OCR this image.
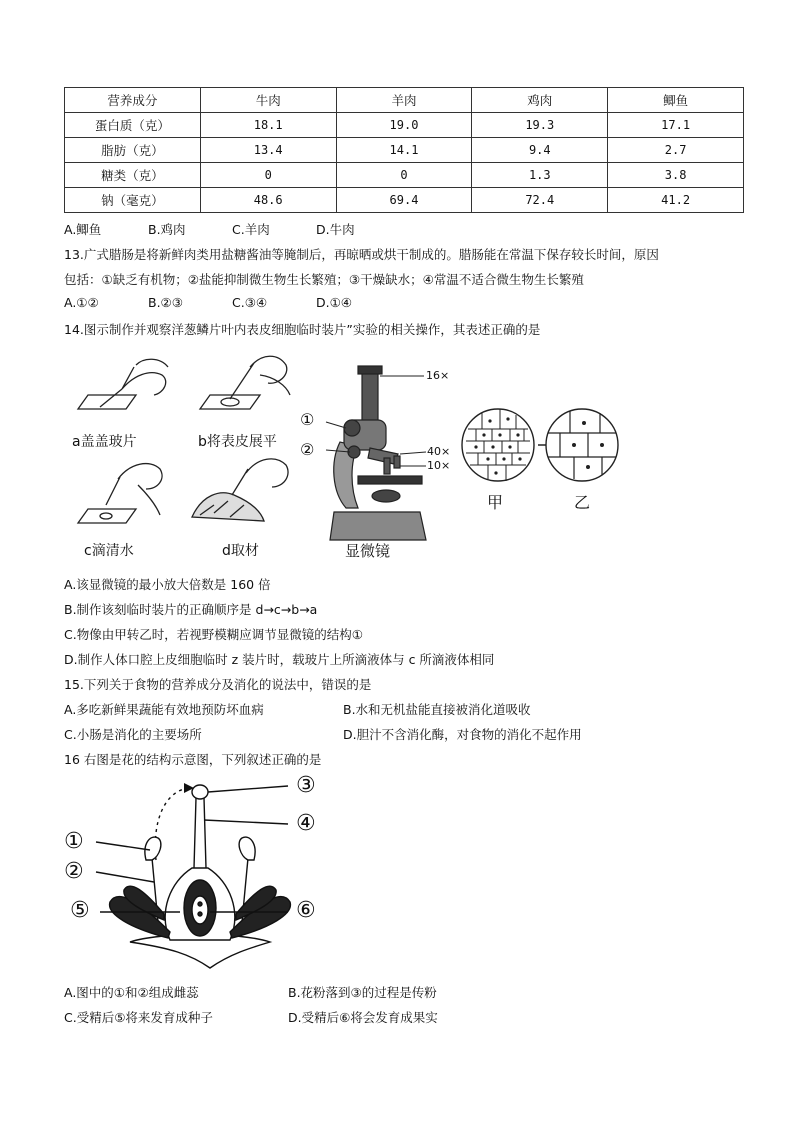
营养成分	牛肉	羊肉	鸡肉	鲫鱼
蛋白质（克）	18.1	19.0	19.3	17.1
脂肪（克）	13.4	14.1	9.4	2.7
糖类（克）	0	0	1.3	3.8
钠（毫克）	48.6	69.4	72.4	41.2
A.鲫鱼	B.鸡肉	C.羊肉	D.牛肉
13.广式腊肠是将新鲜肉类用盐糖酱油等腌制后，再晾晒或烘干制成的。腊肠能在常温下保存较长时间，原因
包括：①缺乏有机物；②盐能抑制微生物生长繁殖；③干燥缺水；④常温不适合微生物生长繁殖
A.①②	B.②③	C.③④	D.①④
14.图示制作并观察洋葱鳞片叶内表皮细胞临时装片”实验的相关操作，其表述正确的是
a盖盖玻片	b将表皮展平
c滴清水	d取材
①
②
16×
40×
10×
显微镜
甲	乙
A.该显微镜的最小放大倍数是 160 倍
B.制作该刻临时装片的正确顺序是 d→c→b→a
C.物像由甲转乙时，若视野模糊应调节显微镜的结构①
D.制作人体口腔上皮细胞临时 z 装片时，载玻片上所滴液体与 c 所滴液体相同
15.下列关于食物的营养成分及消化的说法中，错误的是
A.多吃新鲜果蔬能有效地预防坏血病	B.水和无机盐能直接被消化道吸收
C.小肠是消化的主要场所	D.胆汁不含消化酶，对食物的消化不起作用
16 右图是花的结构示意图，下列叙述正确的是
①
②
③
④
⑤	⑥
A.图中的①和②组成雌蕊	B.花粉落到③的过程是传粉
C.受精后⑤将来发育成种子	D.受精后⑥将会发育成果实
